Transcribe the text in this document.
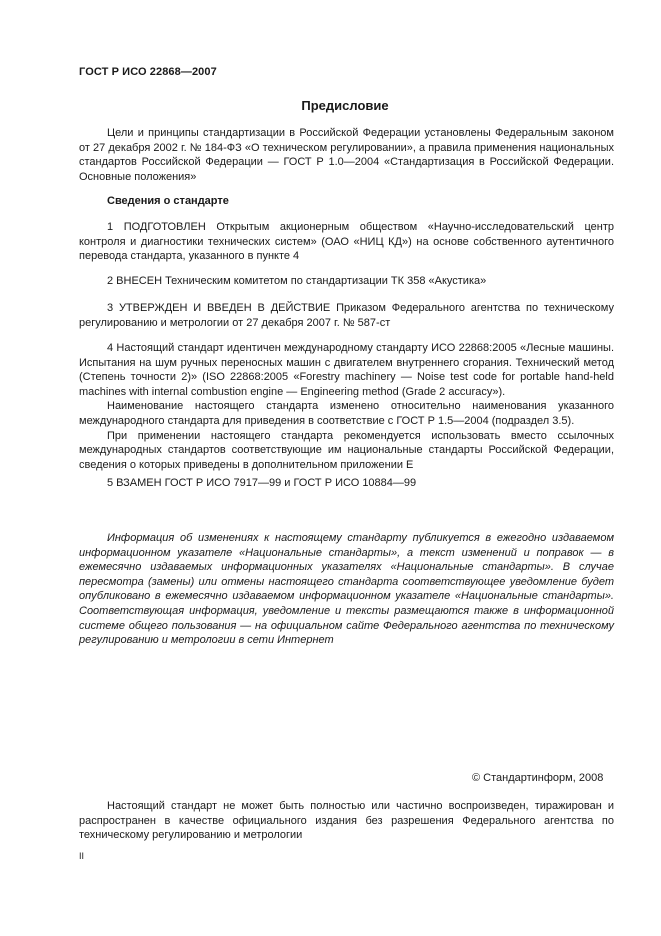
ГОСТ Р ИСО 22868—2007
Предисловие

Цели и принципы стандартизации в Российской Федерации установлены Федеральным законом от 27 декабря 2002 г. № 184-ФЗ «О техническом регулировании», а правила применения национальных стандартов Российской Федерации — ГОСТ Р 1.0—2004 «Стандартизация в Российской Федерации. Основные положения»

Сведения о стандарте

1 ПОДГОТОВЛЕН Открытым акционерным обществом «Научно-исследовательский центр контроля и диагностики технических систем» (ОАО «НИЦ КД») на основе собственного аутентичного перевода стандарта, указанного в пункте 4

2 ВНЕСЕН Техническим комитетом по стандартизации ТК 358 «Акустика»

3 УТВЕРЖДЕН И ВВЕДЕН В ДЕЙСТВИЕ Приказом Федерального агентства по техническому регулированию и метрологии от 27 декабря 2007 г. № 587-ст

4 Настоящий стандарт идентичен международному стандарту ИСО 22868:2005 «Лесные машины. Испытания на шум ручных переносных машин с двигателем внутреннего сгорания. Технический метод (Степень точности 2)» (ISO 22868:2005 «Forestry machinery — Noise test code for portable hand-held machines with internal combustion engine — Engineering method (Grade 2 accuracy»).

Наименование настоящего стандарта изменено относительно наименования указанного международного стандарта для приведения в соответствие с ГОСТ Р 1.5—2004 (подраздел 3.5).

При применении настоящего стандарта рекомендуется использовать вместо ссылочных международных стандартов соответствующие им национальные стандарты Российской Федерации, сведения о которых приведены в дополнительном приложении Е

5 ВЗАМЕН ГОСТ Р ИСО 7917—99 и ГОСТ Р ИСО 10884—99

Информация об изменениях к настоящему стандарту публикуется в ежегодно издаваемом информационном указателе «Национальные стандарты», а текст изменений и поправок — в ежемесячно издаваемых информационных указателях «Национальные стандарты». В случае пересмотра (замены) или отмены настоящего стандарта соответствующее уведомление будет опубликовано в ежемесячно издаваемом информационном указателе «Национальные стандарты». Соответствующая информация, уведомление и тексты размещаются также в информационной системе общего пользования — на официальном сайте Федерального агентства по техническому регулированию и метрологии в сети Интернет

© Стандартинформ, 2008

Настоящий стандарт не может быть полностью или частично воспроизведен, тиражирован и распространен в качестве официального издания без разрешения Федерального агентства по техническому регулированию и метрологии

II
